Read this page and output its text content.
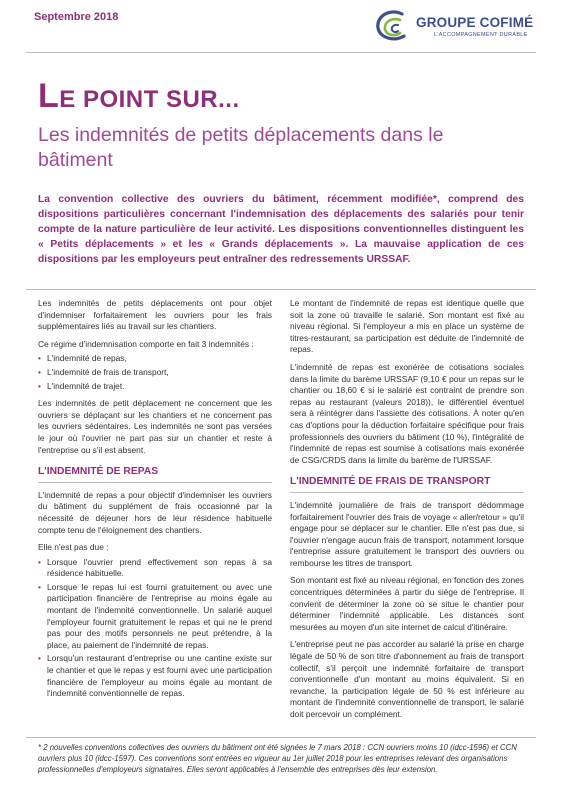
Septembre 2018	GROUPE COFIMÉ
L'ACCOMPAGNEMENT DURABLE
LE POINT SUR...
Les indemnités de petits déplacements dans le bâtiment
La convention collective des ouvriers du bâtiment, récemment modifiée*, comprend des dispositions particulières concernant l'indemnisation des déplacements des salariés pour tenir compte de la nature particulière de leur activité. Les dispositions conventionnelles distinguent les « Petits déplacements » et les « Grands déplacements ». La mauvaise application de ces dispositions par les employeurs peut entraîner des redressements URSSAF.

Les indemnités de petits déplacements ont pour objet d'indemniser forfaitairement les ouvriers pour les frais supplémentaires liés au travail sur les chantiers.

Ce régime d'indemnisation comporte en fait 3 indemnités :

• L'indemnité de repas,
• L'indemnité de frais de transport,
• L'indemnité de trajet.

Les indemnités de petit déplacement ne concernent que les ouvriers se déplaçant sur les chantiers et ne concernent pas les ouvriers sédentaires. Les indemnités ne sont pas versées le jour où l'ouvrier ne part pas sur un chantier et reste à l'entreprise ou s'il est absent.

L'INDEMNITÉ DE REPAS

L'indemnité de repas a pour objectif d'indemniser les ouvriers du bâtiment du supplément de frais occasionné par la nécessité de déjeuner hors de leur résidence habituelle compte tenu de l'éloignement des chantiers.

Elle n'est pas due :

• Lorsque l'ouvrier prend effectivement son repas à sa résidence habituelle.
• Lorsque le repas lui est fourni gratuitement ou avec une participation financière de l'entreprise au moins égale au montant de l'indemnité conventionnelle. Un salarié auquel l'employeur fournit gratuitement le repas et qui ne le prend pas pour des motifs personnels ne peut prétendre, à la place, au paiement de l'indemnité de repas.
• Lorsqu'un restaurant d'entreprise ou une cantine existe sur le chantier et que le repas y est fourni avec une participation financière de l'employeur au moins égale au montant de l'indemnité conventionnelle de repas.

Le montant de l'indemnité de repas est identique quelle que soit la zone où travaille le salarié. Son montant est fixé au niveau régional. Si l'employeur a mis en place un système de titres-restaurant, sa participation est déduite de l'indemnité de repas.

L'indemnité de repas est exonérée de cotisations sociales dans la limite du barème URSSAF (9,10 € pour un repas sur le chantier ou 18,60 € si le salarié est contraint de prendre son repas au restaurant (valeurs 2018)), le différentiel éventuel sera à réintégrer dans l'assiette des cotisations. À noter qu'en cas d'options pour la déduction forfaitaire spécifique pour frais professionnels des ouvriers du bâtiment (10 %), l'intégralité de l'indemnité de repas est soumise à cotisations mais exonérée de CSG/CRDS dans la limite du barème de l'URSSAF.

L'INDEMNITÉ DE FRAIS DE TRANSPORT

L'indemnité journalière de frais de transport dédommage forfaitairement l'ouvrier des frais de voyage « aller/retour » qu'il engage pour se déplacer sur le chantier. Elle n'est pas due, si l'ouvrier n'engage aucun frais de transport, notamment lorsque l'entreprise assure gratuitement le transport des ouvriers ou rembourse les titres de transport.

Son montant est fixé au niveau régional, en fonction des zones concentriques déterminées à partir du siège de l'entreprise. Il convient de déterminer la zone où se situe le chantier pour déterminer l'indemnité applicable. Les distances sont mesurées au moyen d'un site internet de calcul d'itinéraire.

L'entreprise peut ne pas accorder au salarié la prise en charge légale de 50 % de son titre d'abonnement au frais de transport collectif, s'il perçoit une indemnité forfaitaire de transport conventionnelle d'un montant au moins équivalent. Si en revanche, la participation légale de 50 % est inférieure au montant de l'indemnité conventionnelle de transport, le salarié doit percevoir un complément.

* 2 nouvelles conventions collectives des ouvriers du bâtiment ont été signées le 7 mars 2018 : CCN ouvriers moins 10 (idcc-1596) et CCN ouvriers plus 10 (idcc-1597). Ces conventions sont entrées en vigueur au 1er juillet 2018 pour les entreprises relevant des organisations professionnelles d'employeurs signataires. Elles seront applicables à l'ensemble des entreprises dès leur extension.
